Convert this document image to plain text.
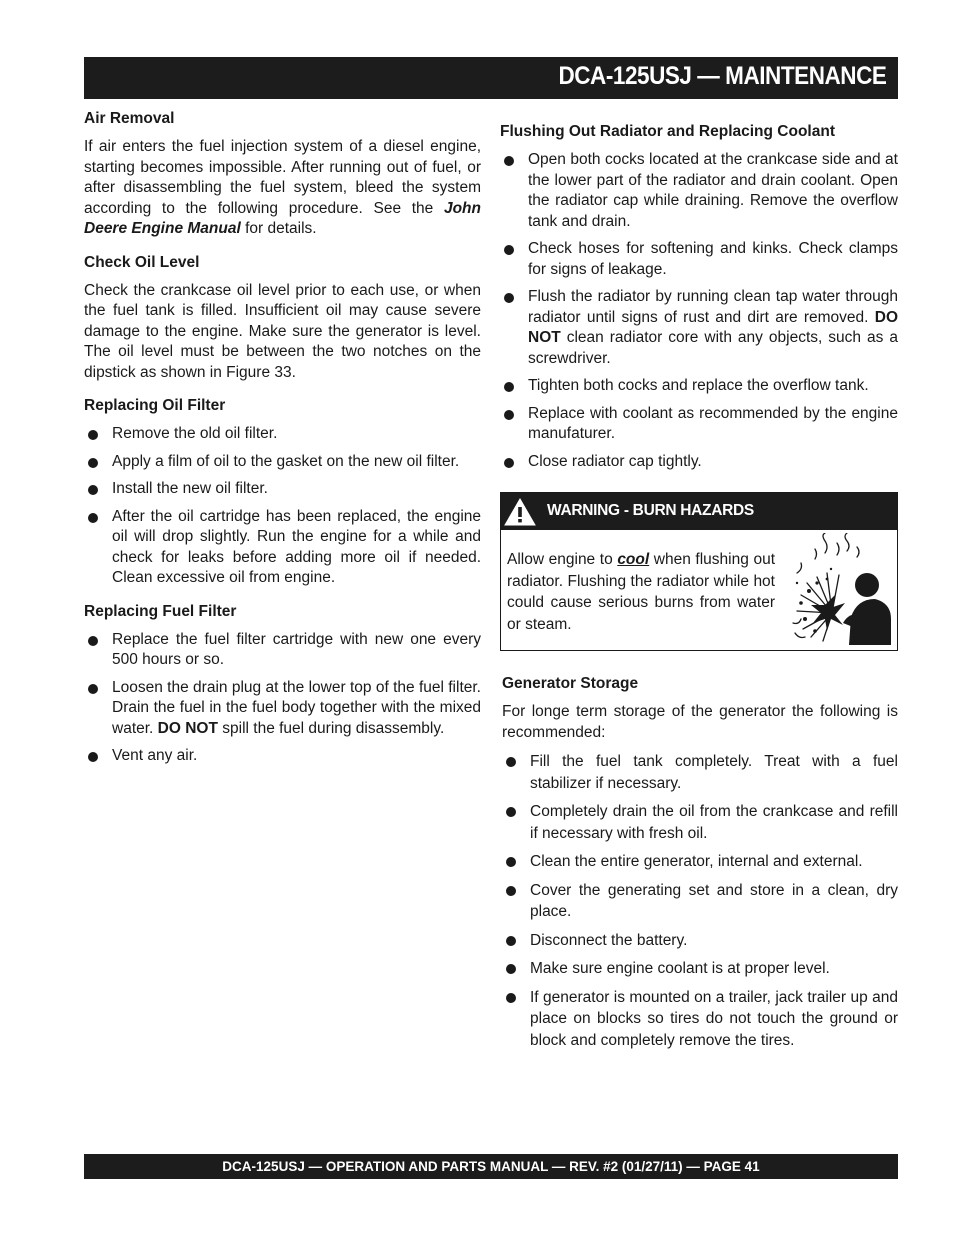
DCA-125USJ — MAINTENANCE
Air Removal

If air enters the fuel injection system of a diesel engine, starting becomes impossible. After running out of fuel, or after disassembling the fuel system, bleed the system according to the following procedure. See the John Deere Engine Manual for details.

Check Oil Level

Check the crankcase oil level prior to each use, or when the fuel tank is filled. Insufficient oil may cause severe damage to the engine. Make sure the generator is level. The oil level must be between the two notches on the dipstick as shown in Figure 33.

Replacing Oil Filter
Remove the old oil filter.
Apply a film of oil to the gasket on the new oil filter.
Install the new oil filter.
After the oil cartridge has been replaced, the engine oil will drop slightly. Run the engine for a while and check for leaks before adding more oil if needed. Clean excessive oil from engine.
Replacing Fuel Filter
Replace the fuel filter cartridge with new one every 500 hours or so.
Loosen the drain plug at the lower top of the fuel filter. Drain the fuel in the fuel body together with the mixed water. DO NOT spill the fuel during disassembly.
Vent any air.
Flushing Out Radiator and Replacing Coolant
Open both cocks located at the crankcase side and at the lower part of the radiator and drain coolant. Open the radiator cap while draining. Remove the overflow tank and drain.
Check hoses for softening and kinks. Check clamps for signs of leakage.
Flush the radiator by running clean tap water through radiator until signs of rust and dirt are removed. DO NOT clean radiator core with any objects, such as a screwdriver.
Tighten both cocks and replace the overflow tank.
Replace with coolant as recommended by the engine manufaturer.
Close radiator cap tightly.
WARNING - BURN HAZARDS
Allow engine to cool when flushing out radiator. Flushing the radiator while hot could cause serious burns from water or steam.
Generator Storage

For longe term storage of the generator the following is recommended:

Fill the fuel tank completely. Treat with a fuel stabilizer if necessary.
Completely drain the oil from the crankcase and refill if necessary with fresh oil.
Clean the entire generator, internal and external.
Cover the generating set and store in a clean, dry place.
Disconnect the battery.
Make sure engine coolant is at proper level.
If generator is mounted on a trailer, jack trailer up and place on blocks so tires do not touch the ground or block and completely remove the tires.
DCA-125USJ — OPERATION AND PARTS MANUAL — REV. #2 (01/27/11) — PAGE 41
